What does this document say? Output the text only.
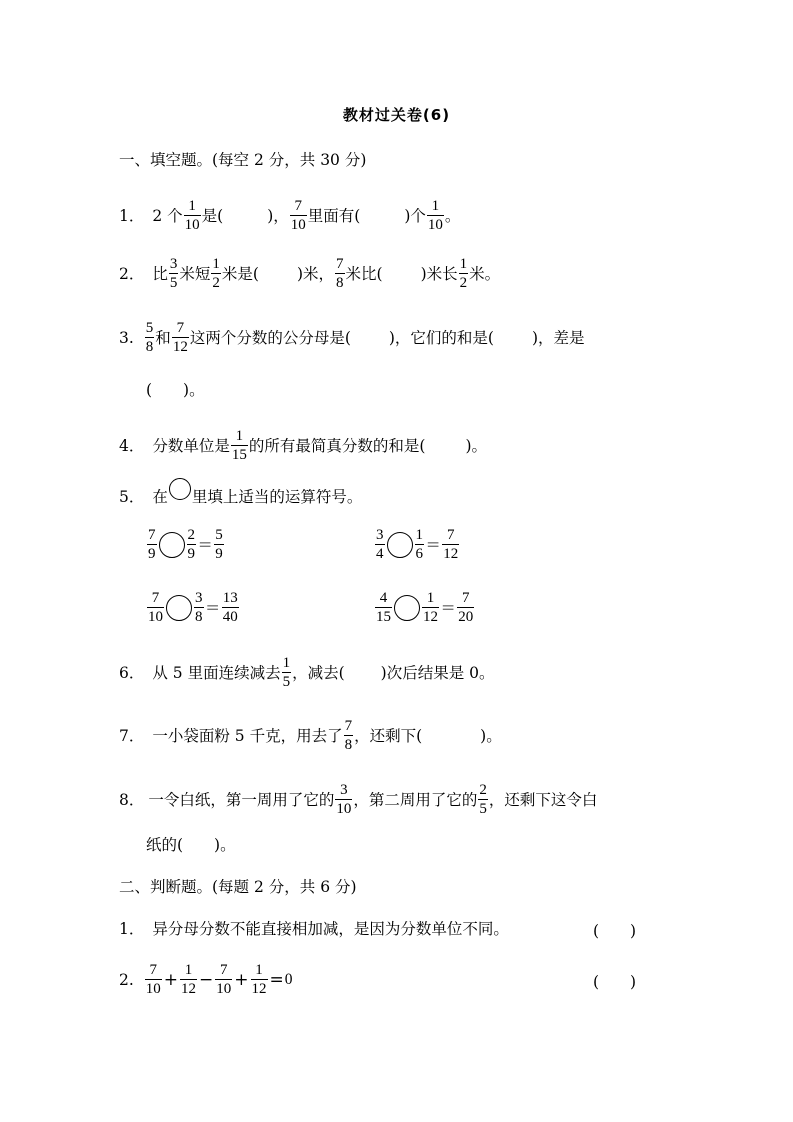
教材过关卷(6)
一、填空题。(每空 2 分，共 30 分)
1． 2 个 $\frac{1}{10}$ 是(	)， $\frac{7}{10}$ 里面有(	)个 $\frac{1}{10}$ 。
2． 比 $\frac{3}{5}$ 米短 $\frac{1}{2}$ 米是( )米， $\frac{7}{8}$ 米比( )米长 $\frac{1}{2}$ 米。
3. $\frac{5}{8}$ 和 $\frac{7}{12}$ 这两个分数的公分母是( )，它们的和是( )，差是
(　　)。
4． 分数单位是 $\frac{1}{15}$ 的所有最简真分数的和是(	)。
5． 在 里填上适当的运算符号。
$\frac{7}{9} \frac{2}{9} = \frac{5}{9}$	$\frac{3}{4} \frac{1}{6} = \frac{7}{12}$
$\frac{7}{10} \frac{3}{8} = \frac{13}{40}$	$\frac{4}{15} \frac{1}{12} = \frac{7}{20}$
6． 从 5 里面连续减去 $\frac{1}{5}$ ，减去( )次后结果是 0。
7． 一小袋面粉 5 千克，用去了 $\frac{7}{8}$ ，还剩下(	)。
8． 一令白纸，第一周用了它的 $\frac{3}{10}$ ，第二周用了它的 $\frac{2}{5}$ ，还剩下这令白
纸的(　　)。
二、判断题。(每题 2 分，共 6 分)
1． 异分母分数不能直接相加减，是因为分数单位不同。	(　　)
2. $\frac{7}{10} + \frac{1}{12} - \frac{7}{10} + \frac{1}{12} = 0$	(　　)
